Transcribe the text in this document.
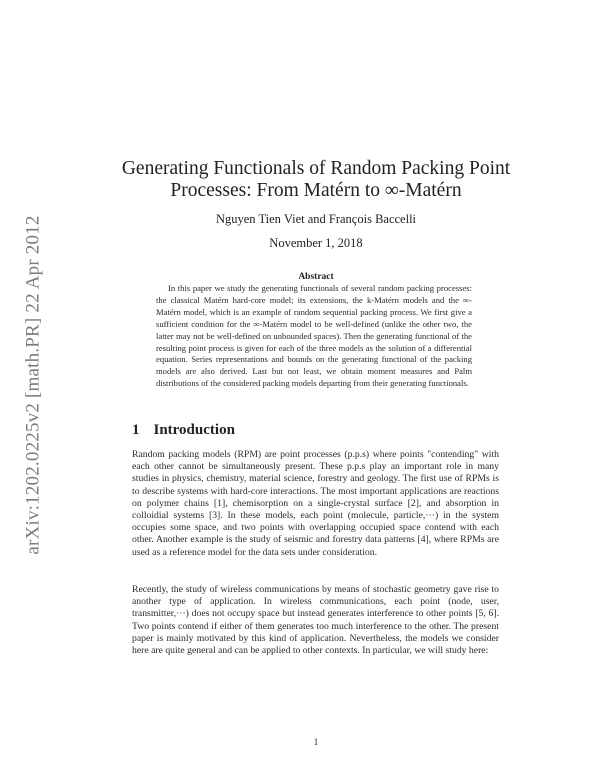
arXiv:1202.0225v2 [math.PR] 22 Apr 2012
Generating Functionals of Random Packing Point
Processes: From Matérn to ∞-Matérn
Nguyen Tien Viet and François Baccelli
November 1, 2018
Abstract

In this paper we study the generating functionals of several random packing processes: the classical Matérn hard-core model; its extensions, the k-Matérn models and the ∞-Matérn model, which is an example of random sequential packing process. We first give a sufficient condition for the ∞-Matérn model to be well-defined (unlike the other two, the latter may not be well-defined on unbounded spaces). Then the generating functional of the resulting point process is given for each of the three models as the solution of a differential equation. Series representations and bounds on the generating functional of the packing models are also derived. Last but not least, we obtain moment measures and Palm distributions of the considered packing models departing from their generating functionals.

1 Introduction

Random packing models (RPM) are point processes (p.p.s) where points "contending" with each other cannot be simultaneously present. These p.p.s play an important role in many studies in physics, chemistry, material science, forestry and geology. The first use of RPMs is to describe systems with hard-core interactions. The most important applications are reactions on polymer chains [1], chemisorption on a single-crystal surface [2], and absorption in colloidial systems [3]. In these models, each point (molecule, particle,···) in the system occupies some space, and two points with overlapping occupied space contend with each other. Another example is the study of seismic and forestry data patterns [4], where RPMs are used as a reference model for the data sets under consideration.

Recently, the study of wireless communications by means of stochastic geometry gave rise to another type of application. In wireless communications, each point (node, user, transmitter,···) does not occupy space but instead generates interference to other points [5, 6]. Two points contend if either of them generates too much interference to the other. The present paper is mainly motivated by this kind of application. Nevertheless, the models we consider here are quite general and can be applied to other contexts. In particular, we will study here:

1
